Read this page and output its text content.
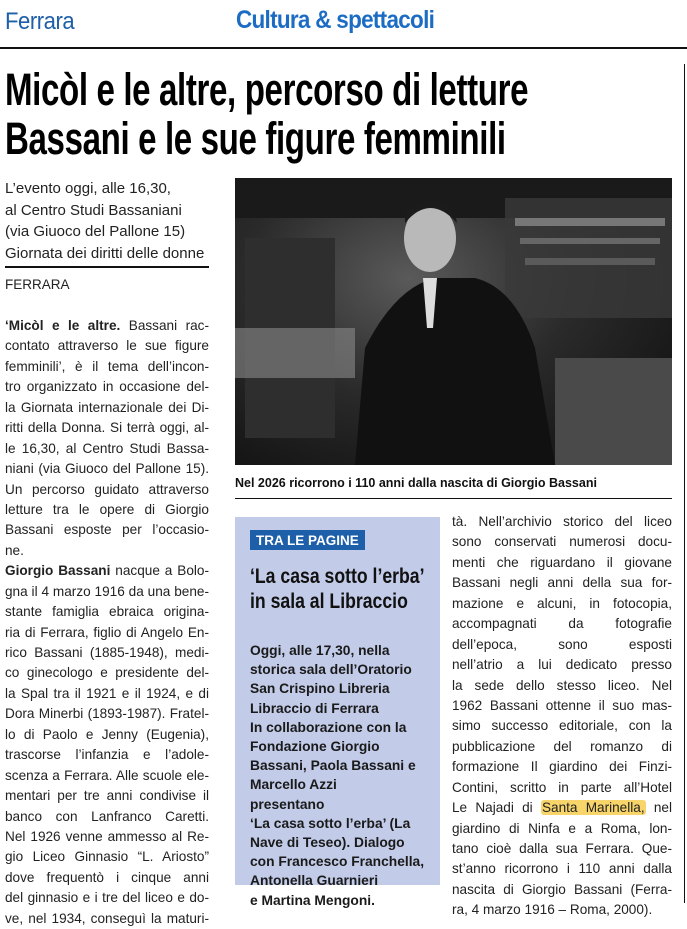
Ferrara	Cultura & spettacoli
Micòl e le altre, percorso di letture
Bassani e le sue figure femminili
L’evento oggi, alle 16,30,
al Centro Studi Bassaniani
(via Giuoco del Pallone 15)
Giornata dei diritti delle donne
FERRARA
‘Micòl e le altre. Bassani rac-
contato attraverso le sue figure
femminili’, è il tema dell’incon-
tro organizzato in occasione del-
la Giornata internazionale dei Di-
ritti della Donna. Si terrà oggi, al-
le 16,30, al Centro Studi Bassa-
niani (via Giuoco del Pallone 15).
Un percorso guidato attraverso
letture tra le opere di Giorgio
Bassani esposte per l’occasio-
ne.
Giorgio Bassani nacque a Bolo-
gna il 4 marzo 1916 da una bene-
stante famiglia ebraica origina-
ria di Ferrara, figlio di Angelo En-
rico Bassani (1885-1948), medi-
co ginecologo e presidente del-
la Spal tra il 1921 e il 1924, e di
Dora Minerbi (1893-1987). Fratel-
lo di Paolo e Jenny (Eugenia),
trascorse l’infanzia e l’adole-
scenza a Ferrara. Alle scuole ele-
mentari per tre anni condivise il
banco con Lanfranco Caretti.
Nel 1926 venne ammesso al Re-
gio Liceo Ginnasio “L. Ariosto”
dove frequentò i cinque anni
del ginnasio e i tre del liceo e do-
ve, nel 1934, conseguì la maturi-
Nel 2026 ricorrono i 110 anni dalla nascita di Giorgio Bassani
TRA LE PAGINE
‘La casa sotto l’erba’
in sala al Libraccio
Oggi, alle 17,30, nella
storica sala dell’Oratorio
San Crispino Libreria
Libraccio di Ferrara
In collaborazione con la
Fondazione Giorgio
Bassani, Paola Bassani e
Marcello Azzi
presentano
‘La casa sotto l’erba’ (La
Nave di Teseo). Dialogo
con Francesco Franchella,
Antonella Guarnieri
e Martina Mengoni.
tà. Nell’archivio storico del liceo
sono conservati numerosi docu-
menti che riguardano il giovane
Bassani negli anni della sua for-
mazione e alcuni, in fotocopia,
accompagnati da fotografie
dell’epoca, sono esposti
nell’atrio a lui dedicato presso
la sede dello stesso liceo. Nel
1962 Bassani ottenne il suo mas-
simo successo editoriale, con la
pubblicazione del romanzo di
formazione Il giardino dei Finzi-
Contini, scritto in parte all’Hotel
Le Najadi di Santa Marinella, nel
giardino di Ninfa e a Roma, lon-
tano cioè dalla sua Ferrara. Que-
st’anno ricorrono i 110 anni dalla
nascita di Giorgio Bassani (Ferra-
ra, 4 marzo 1916 – Roma, 2000).
